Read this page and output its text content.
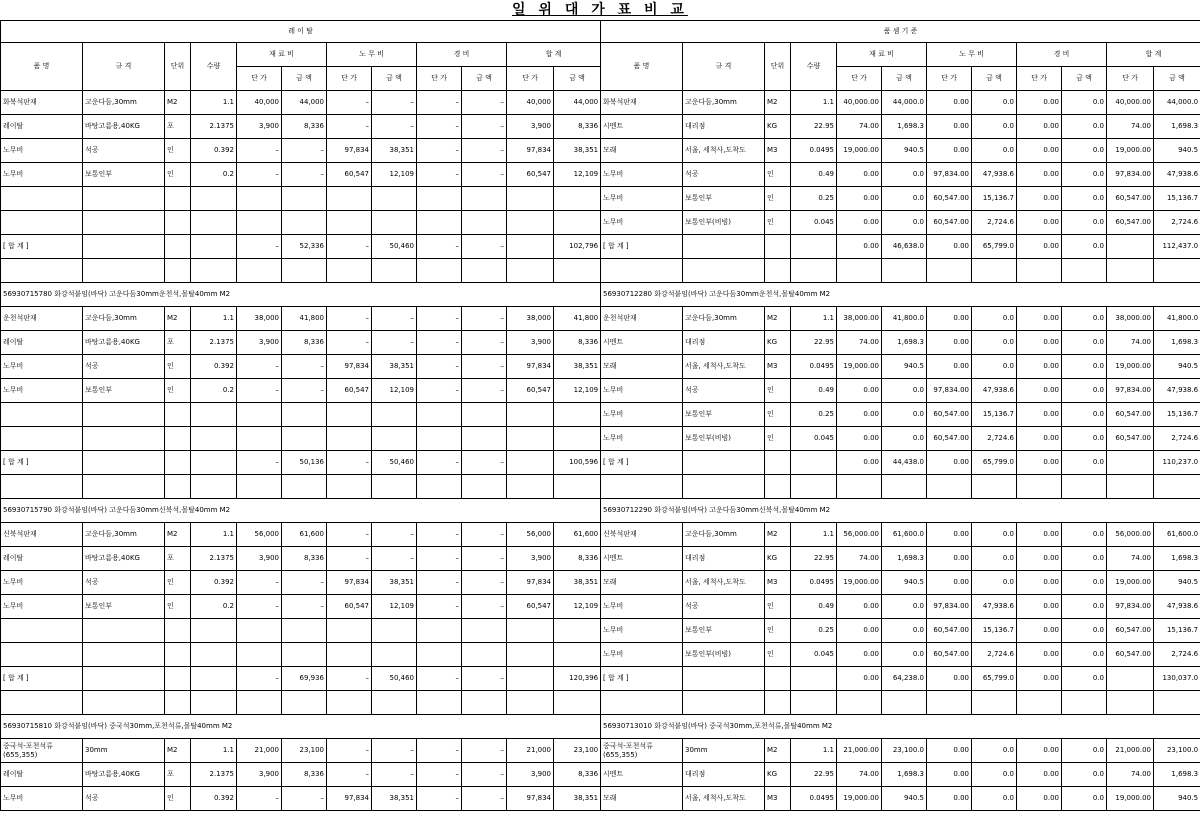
일 위 대 가 표 비 교
레 이 탈											
품 명	규 격	단위	수량	재 료 비		노 무 비		경 비		합 계	
				단 가	금 액	단 가	금 액	단 가	금 액	단 가	금 액
화북석판재	고운다듬,30mm	M2	1.1	40,000	44,000	–	–	–	–	40,000	44,000
레이탈	바탕고름용,40KG	포	2.1375	3,900	8,336	–	–	–	–	3,900	8,336
노무비	석공	인	0.392	–	–	97,834	38,351	–	–	97,834	38,351
노무비	보통인부	인	0.2	–	–	60,547	12,109	–	–	60,547	12,109

[ 합 계 ]				–	52,336	–	50,460	–	–		102,796

56930715780 화강석붙임(바닥) 고운다듬30mm운천석,몰탈40mm M2											
운천석판재	고운다듬,30mm	M2	1.1	38,000	41,800	–	–	–	–	38,000	41,800
레이탈	바탕고름용,40KG	포	2.1375	3,900	8,336	–	–	–	–	3,900	8,336
노무비	석공	인	0.392	–	–	97,834	38,351	–	–	97,834	38,351
노무비	보통인부	인	0.2	–	–	60,547	12,109	–	–	60,547	12,109

[ 합 계 ]				–	50,136	–	50,460	–	–		100,596

56930715790 화강석붙임(바닥) 고운다듬30mm신북석,몰탈40mm M2											
신북석판재	고운다듬,30mm	M2	1.1	56,000	61,600	–	–	–	–	56,000	61,600
레이탈	바탕고름용,40KG	포	2.1375	3,900	8,336	–	–	–	–	3,900	8,336
노무비	석공	인	0.392	–	–	97,834	38,351	–	–	97,834	38,351
노무비	보통인부	인	0.2	–	–	60,547	12,109	–	–	60,547	12,109

[ 합 계 ]				–	69,936	–	50,460	–	–		120,396

56930715810 화강석붙임(바닥) 중국석30mm,포천석류,몰탈40mm M2											
중국석-포천석류 (655,355)	30mm	M2	1.1	21,000	23,100	–	–	–	–	21,000	23,100
레이탈	바탕고름용,40KG	포	2.1375	3,900	8,336	–	–	–	–	3,900	8,336
노무비	석공	인	0.392	–	–	97,834	38,351	–	–	97,834	38,351
품 셈 기 준											
품 명	규 격	단위	수량	재 료 비		노 무 비		경 비		합 계	
				단 가	금 액	단 가	금 액	단 가	금 액	단 가	금 액
화북석판재	고운다듬,30mm	M2	1.1	40,000.00	44,000.0	0.00	0.0	0.00	0.0	40,000.00	44,000.0
시멘트	대리점	KG	22.95	74.00	1,698.3	0.00	0.0	0.00	0.0	74.00	1,698.3
모래	서울, 세척사,도착도	M3	0.0495	19,000.00	940.5	0.00	0.0	0.00	0.0	19,000.00	940.5
노무비	석공	인	0.49	0.00	0.0	97,834.00	47,938.6	0.00	0.0	97,834.00	47,938.6
노무비	보통인부	인	0.25	0.00	0.0	60,547.00	15,136.7	0.00	0.0	60,547.00	15,136.7
노무비	보통인부(비빔)	인	0.045	0.00	0.0	60,547.00	2,724.6	0.00	0.0	60,547.00	2,724.6
[ 합 계 ]				0.00	46,638.0	0.00	65,799.0	0.00	0.0		112,437.0

56930712280 화강석붙임(바닥) 고운다듬30mm운천석,몰탈40mm M2											
운천석판재	고운다듬,30mm	M2	1.1	38,000.00	41,800.0	0.00	0.0	0.00	0.0	38,000.00	41,800.0
시멘트	대리점	KG	22.95	74.00	1,698.3	0.00	0.0	0.00	0.0	74.00	1,698.3
모래	서울, 세척사,도착도	M3	0.0495	19,000.00	940.5	0.00	0.0	0.00	0.0	19,000.00	940.5
노무비	석공	인	0.49	0.00	0.0	97,834.00	47,938.6	0.00	0.0	97,834.00	47,938.6
노무비	보통인부	인	0.25	0.00	0.0	60,547.00	15,136.7	0.00	0.0	60,547.00	15,136.7
노무비	보통인부(비빔)	인	0.045	0.00	0.0	60,547.00	2,724.6	0.00	0.0	60,547.00	2,724.6
[ 합 계 ]				0.00	44,438.0	0.00	65,799.0	0.00	0.0		110,237.0

56930712290 화강석붙임(바닥) 고운다듬30mm신북석,몰탈40mm M2											
신북석판재	고운다듬,30mm	M2	1.1	56,000.00	61,600.0	0.00	0.0	0.00	0.0	56,000.00	61,600.0
시멘트	대리점	KG	22.95	74.00	1,698.3	0.00	0.0	0.00	0.0	74.00	1,698.3
모래	서울, 세척사,도착도	M3	0.0495	19,000.00	940.5	0.00	0.0	0.00	0.0	19,000.00	940.5
노무비	석공	인	0.49	0.00	0.0	97,834.00	47,938.6	0.00	0.0	97,834.00	47,938.6
노무비	보통인부	인	0.25	0.00	0.0	60,547.00	15,136.7	0.00	0.0	60,547.00	15,136.7
노무비	보통인부(비빔)	인	0.045	0.00	0.0	60,547.00	2,724.6	0.00	0.0	60,547.00	2,724.6
[ 합 계 ]				0.00	64,238.0	0.00	65,799.0	0.00	0.0		130,037.0

56930713010 화강석붙임(바닥) 중국석30mm,포천석류,몰탈40mm M2											
중국석-포천석류 (655,355)	30mm	M2	1.1	21,000.00	23,100.0	0.00	0.0	0.00	0.0	21,000.00	23,100.0
시멘트	대리점	KG	22.95	74.00	1,698.3	0.00	0.0	0.00	0.0	74.00	1,698.3
모래	서울, 세척사,도착도	M3	0.0495	19,000.00	940.5	0.00	0.0	0.00	0.0	19,000.00	940.5
